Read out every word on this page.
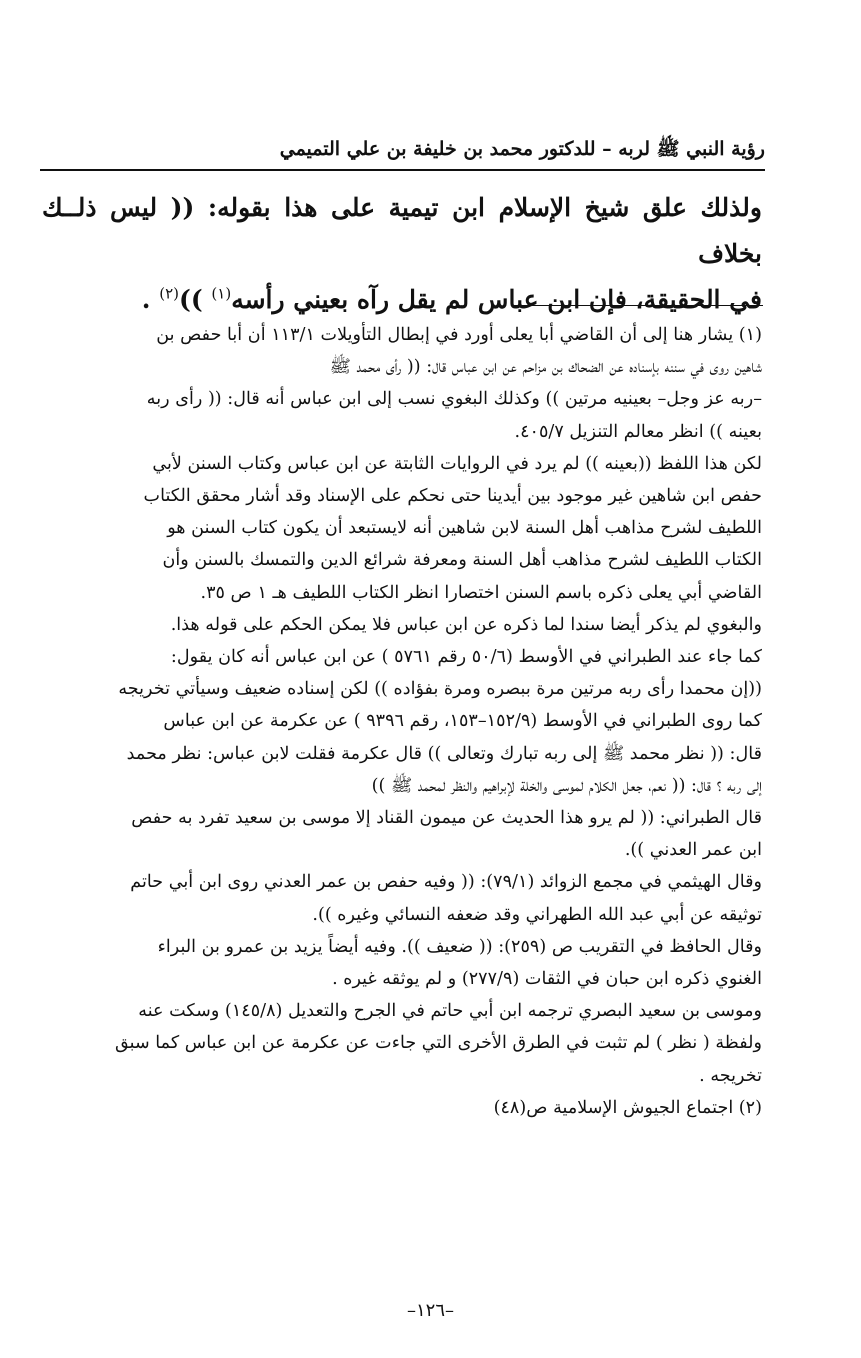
رؤية النبي ﷺ لربه – للدكتور محمد بن خليفة بن علي التميمي
ولذلك علق شيخ الإسلام ابن تيمية على هذا بقوله: (( ليس ذلــك بخلاف
في الحقيقة، فإن ابن عباس لم يقل رآه بعيني رأسه$^{(١)}$ ))$^{(٢)}$ .
(١) يشار هنا إلى أن القاضي أبا يعلى أورد في إبطال التأويلات ١١٣/١ أن أبا حفص بن
شاهين روى في سننه بإسناده عن الضحاك بن مزاحم عن ابن عباس قال: (( رأى محمد ﷺ
–ربه عز وجل– بعينيه مرتين )) وكذلك البغوي نسب إلى ابن عباس أنه قال: (( رأى ربه
بعينه )) انظر معالم التنزيل ٤٠٥/٧.
لكن هذا اللفظ ((بعينه )) لم يرد في الروايات الثابتة عن ابن عباس وكتاب السنن لأبي
حفص ابن شاهين غير موجود بين أيدينا حتى نحكم على الإسناد وقد أشار محقق الكتاب
اللطيف لشرح مذاهب أهل السنة لابن شاهين أنه لايستبعد أن يكون كتاب السنن هو
الكتاب اللطيف لشرح مذاهب أهل السنة ومعرفة شرائع الدين والتمسك بالسنن وأن
القاضي أبي يعلى ذكره باسم السنن اختصارا انظر الكتاب اللطيف هـ ١ ص ٣٥.
والبغوي لم يذكر أيضا سندا لما ذكره عن ابن عباس فلا يمكن الحكم على قوله هذا.
كما جاء عند الطبراني في الأوسط (٥٠/٦ رقم ٥٧٦١ ) عن ابن عباس أنه كان يقول:
((إن محمدا رأى ربه مرتين مرة ببصره ومرة بفؤاده )) لكن إسناده ضعيف وسيأتي تخريجه
كما روى الطبراني في الأوسط (١٥٢/٩–١٥٣، رقم ٩٣٩٦ ) عن عكرمة عن ابن عباس
قال: (( نظر محمد ﷺ إلى ربه تبارك وتعالى )) قال عكرمة فقلت لابن عباس: نظر محمد
إلى ربه ؟ قال: (( نعم، جعل الكلام لموسى والخلة لإبراهيم والنظر لمحمد ﷺ ))
قال الطبراني: (( لم يرو هذا الحديث عن ميمون القناد إلا موسى بن سعيد تفرد به حفص
ابن عمر العدني )).
وقال الهيثمي في مجمع الزوائد (٧٩/١): (( وفيه حفص بن عمر العدني روى ابن أبي حاتم
توثيقه عن أبي عبد الله الطهراني وقد ضعفه النسائي وغيره )).
وقال الحافظ في التقريب ص (٢٥٩): (( ضعيف )). وفيه أيضاً يزيد بن عمرو بن البراء
الغنوي ذكره ابن حبان في الثقات (٢٧٧/٩) و لم يوثقه غيره .
وموسى بن سعيد البصري ترجمه ابن أبي حاتم في الجرح والتعديل (١٤٥/٨) وسكت عنه
ولفظة ( نظر ) لم تثبت في الطرق الأخرى التي جاءت عن عكرمة عن ابن عباس كما سبق
تخريجه .
(٢) اجتماع الجيوش الإسلامية ص(٤٨)
–١٢٦–
